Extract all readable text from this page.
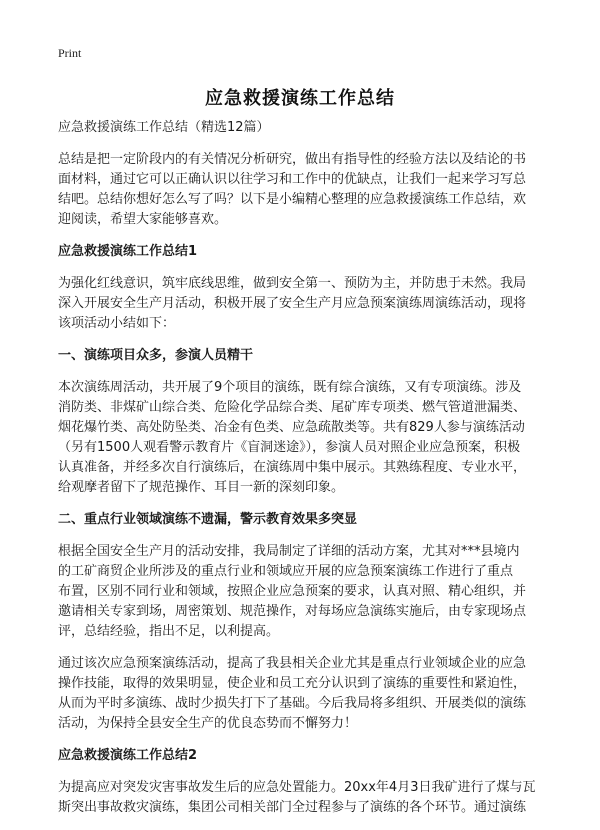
Print
应急救援演练工作总结

应急救援演练工作总结（精选12篇）

总结是把一定阶段内的有关情况分析研究，做出有指导性的经验方法以及结论的书
面材料，通过它可以正确认识以往学习和工作中的优缺点，让我们一起来学习写总
结吧。总结你想好怎么写了吗？以下是小编精心整理的应急救援演练工作总结，欢
迎阅读，希望大家能够喜欢。

应急救援演练工作总结1

为强化红线意识，筑牢底线思维，做到安全第一、预防为主，并防患于未然。我局
深入开展安全生产月活动，积极开展了安全生产月应急预案演练周演练活动，现将
该项活动小结如下：

一、演练项目众多，参演人员精干

本次演练周活动，共开展了9个项目的演练，既有综合演练，又有专项演练。涉及
消防类、非煤矿山综合类、危险化学品综合类、尾矿库专项类、燃气管道泄漏类、
烟花爆竹类、高处防坠类、冶金有色类、应急疏散类等。共有829人参与演练活动
（另有1500人观看警示教育片《盲洞迷途》），参演人员对照企业应急预案，积极
认真准备，并经多次自行演练后，在演练周中集中展示。其熟练程度、专业水平，
给观摩者留下了规范操作、耳目一新的深刻印象。

二、重点行业领域演练不遗漏，警示教育效果多突显

根据全国安全生产月的活动安排，我局制定了详细的活动方案，尤其对***县境内
的工矿商贸企业所涉及的重点行业和领域应开展的应急预案演练工作进行了重点
布置，区别不同行业和领域，按照企业应急预案的要求，认真对照、精心组织，并
邀请相关专家到场，周密策划、规范操作，对每场应急演练实施后，由专家现场点
评，总结经验，指出不足，以利提高。

通过该次应急预案演练活动，提高了我县相关企业尤其是重点行业领域企业的应急
操作技能，取得的效果明显，使企业和员工充分认识到了演练的重要性和紧迫性，
从而为平时多演练、战时少损失打下了基础。今后我局将多组织、开展类似的演练
活动，为保持全县安全生产的优良态势而不懈努力！

应急救援演练工作总结2

为提高应对突发灾害事故发生后的应急处置能力。20xx年4月3日我矿进行了煤与瓦
斯突出事故救灾演练，集团公司相关部门全过程参与了演练的各个环节。通过演练
